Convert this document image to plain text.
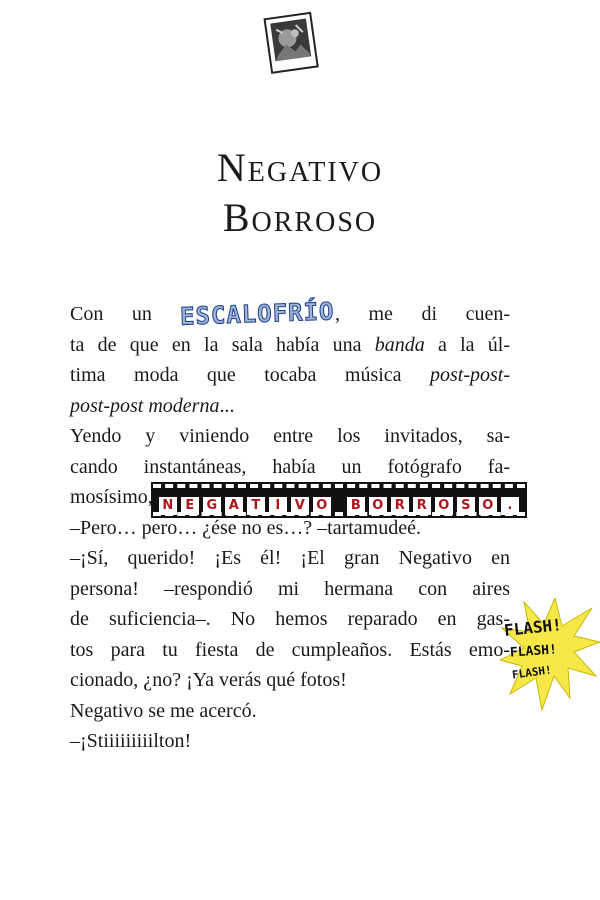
Negativo
Borroso
Con un ESCALOFRÍO, me di cuen-
ta de que en la sala había una banda a la úl-
tima moda que tocaba música post-post-
post-post moderna...
Yendo y viniendo entre los invitados, sa-
cando instantáneas, había un fotógrafo fa-
mosísimo, N E G A T I V O B O R R O S O .
–Pero… pero… ¿ése no es…? –tartamudeé.
–¡Sí, querido! ¡Es él! ¡El gran Negativo en
persona! –respondió mi hermana con aires
de suficiencia–. No hemos reparado en gas-
tos para tu fiesta de cumpleaños. Estás emo-
cionado, ¿no? ¡Ya verás qué fotos!
Negativo se me acercó.
–¡Stiiiiiiiiilton!
FLASH!
FLASH!
FLASH!
